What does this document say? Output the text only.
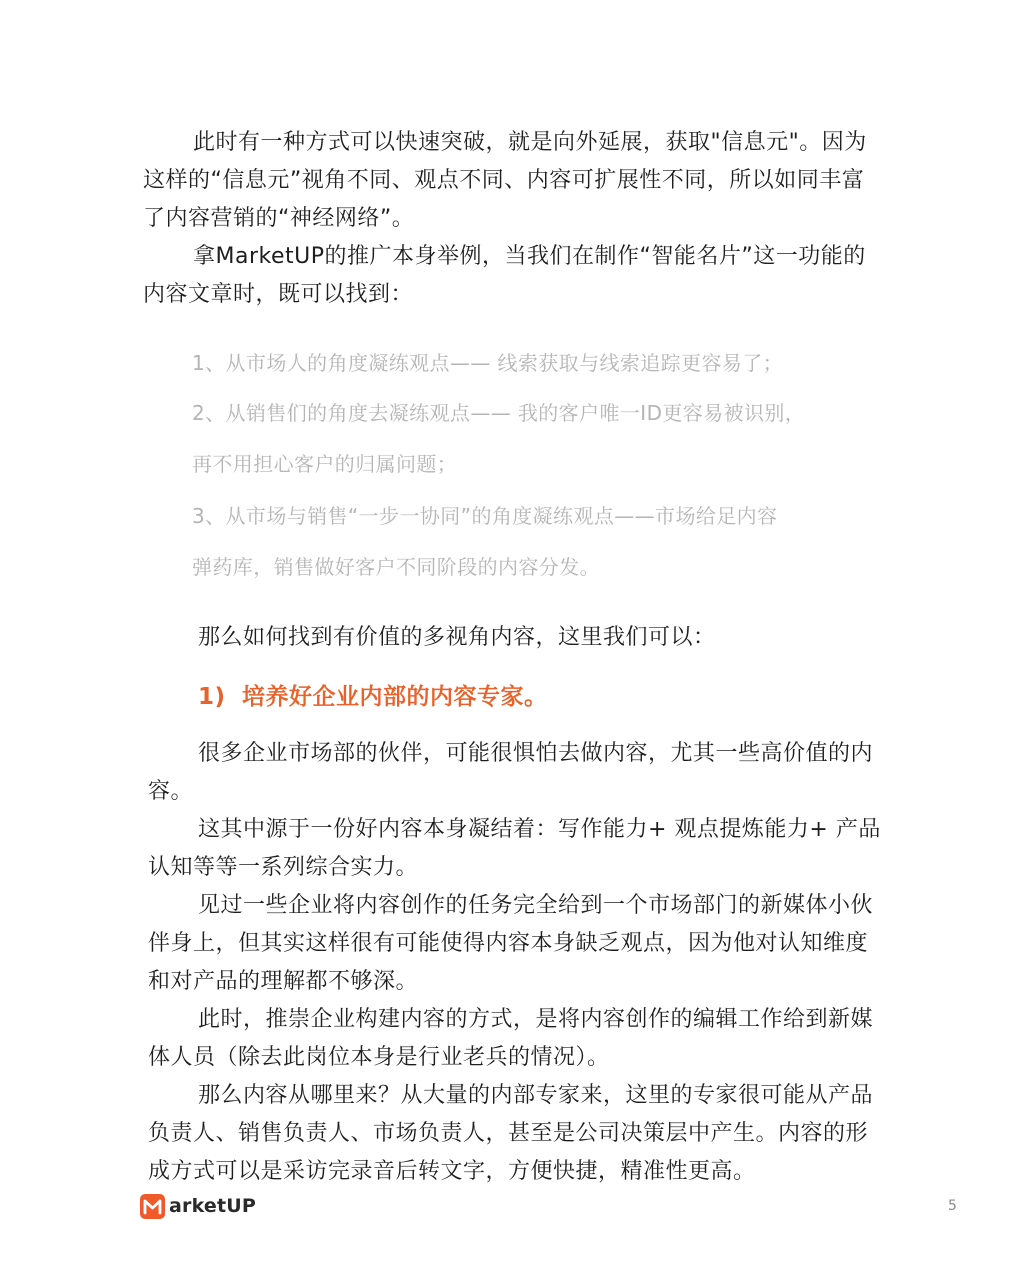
此时有一种方式可以快速突破，就是向外延展，获取"信息元"。因为这样的“信息元”视角不同、观点不同、内容可扩展性不同，所以如同丰富了内容营销的“神经网络”。

拿MarketUP的推广本身举例，当我们在制作“智能名片”这一功能的内容文章时，既可以找到：

1、从市场人的角度凝练观点—— 线索获取与线索追踪更容易了；

2、从销售们的角度去凝练观点—— 我的客户唯一ID更容易被识别，

再不用担心客户的归属问题；

3、从市场与销售“一步一协同”的角度凝练观点——市场给足内容

弹药库，销售做好客户不同阶段的内容分发。

那么如何找到有价值的多视角内容，这里我们可以：

1) 培养好企业内部的内容专家。

很多企业市场部的伙伴，可能很惧怕去做内容，尤其一些高价值的内容。

这其中源于一份好内容本身凝结着：写作能力+ 观点提炼能力+ 产品认知等等一系列综合实力。

见过一些企业将内容创作的任务完全给到一个市场部门的新媒体小伙伴身上，但其实这样很有可能使得内容本身缺乏观点，因为他对认知维度和对产品的理解都不够深。

此时，推崇企业构建内容的方式，是将内容创作的编辑工作给到新媒体人员（除去此岗位本身是行业老兵的情况）。

那么内容从哪里来？从大量的内部专家来，这里的专家很可能从产品负责人、销售负责人、市场负责人，甚至是公司决策层中产生。内容的形成方式可以是采访完录音后转文字，方便快捷，精准性更高。

arketUP	5
